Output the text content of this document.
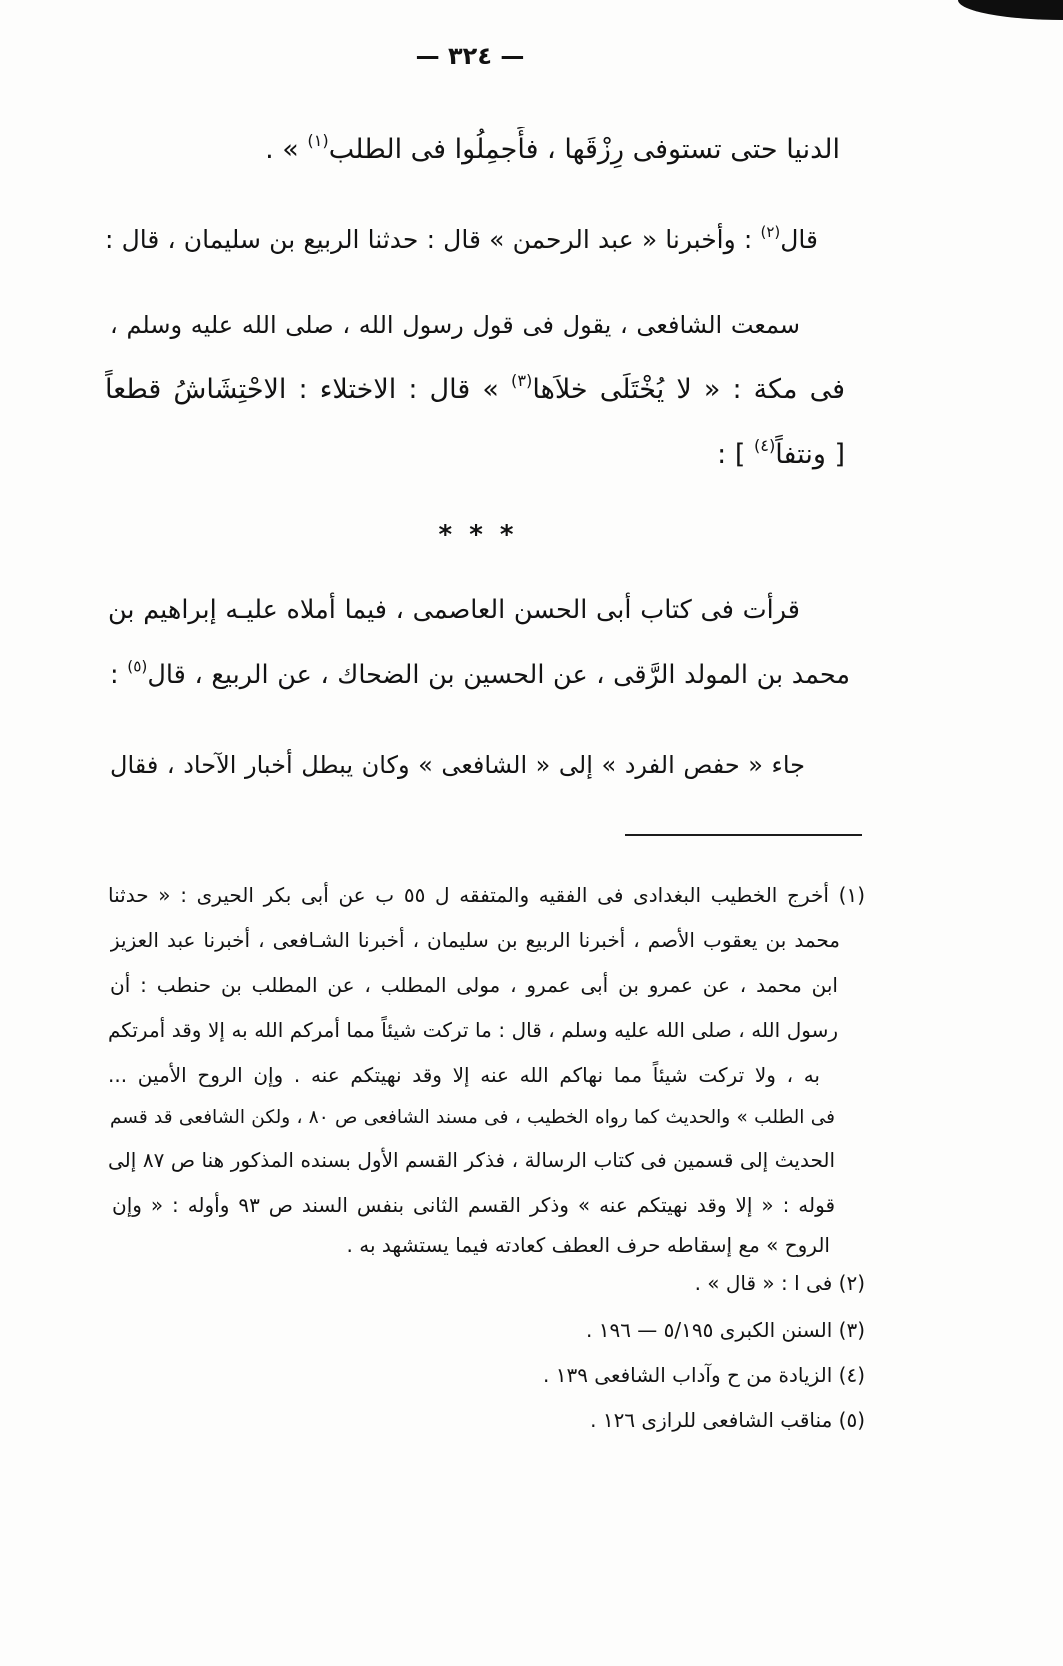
— ٣٢٤ —
الدنيا حتى تستوفى رِزْقَها ، فأَجمِلُوا فى الطلب$^{(١)}$ » .
قال$^{(٢)}$ : وأخبرنا « عبد الرحمن » قال : حدثنا الربيع بن سليمان ، قال :
سمعت الشافعى ، يقول فى قول رسول الله ، صلى الله عليه وسلم ،
فى مكة : « لا يُخْتَلَى خلاَها$^{(٣)}$ » قال : الاختلاء : الاحْتِشَاشُ قطعاً
[ ونتفاً$^{(٤)}$ ] :
* * *
قرأت فى كتاب أبى الحسن العاصمى ، فيما أملاه عليـه إبراهيم بن
محمد بن المولد الرَّقى ، عن الحسين بن الضحاك ، عن الربيع ، قال$^{(٥)}$ :
جاء « حفص الفرد » إلى « الشافعى » وكان يبطل أخبار الآحاد ، فقال
(١) أخرج الخطيب البغدادى فى الفقيه والمتفقه ل ٥٥ ب عن أبى بكر الحيرى : « حدثنا
محمد بن يعقوب الأصم ، أخبرنا الربيع بن سليمان ، أخبرنا الشـافعى ، أخبرنا عبد العزيز
ابن محمد ، عن عمرو بن أبى عمرو ، مولى المطلب ، عن المطلب بن حنطب : أن
رسول الله ، صلى الله عليه وسلم ، قال : ما تركت شيئاً مما أمركم الله به إلا وقد أمرتكم
به ، ولا تركت شيئاً مما نهاكم الله عنه إلا وقد نهيتكم عنه . وإن الروح الأمين ...
فى الطلب » والحديث كما رواه الخطيب ، فى مسند الشافعى ص ٨٠ ، ولكن الشافعى قد قسم
الحديث إلى قسمين فى كتاب الرسالة ، فذكر القسم الأول بسنده المذكور هنا ص ٨٧ إلى
قوله : « إلا وقد نهيتكم عنه » وذكر القسم الثانى بنفس السند ص ٩٣ وأوله : « وإن
الروح » مع إسقاطه حرف العطف كعادته فيما يستشهد به .
(٢) فى ا : « قال » .
(٣) السنن الكبرى ٥/١٩٥ — ١٩٦ .
(٤) الزيادة من ح وآداب الشافعى ١٣٩ .
(٥) مناقب الشافعى للرازى ١٢٦ .
